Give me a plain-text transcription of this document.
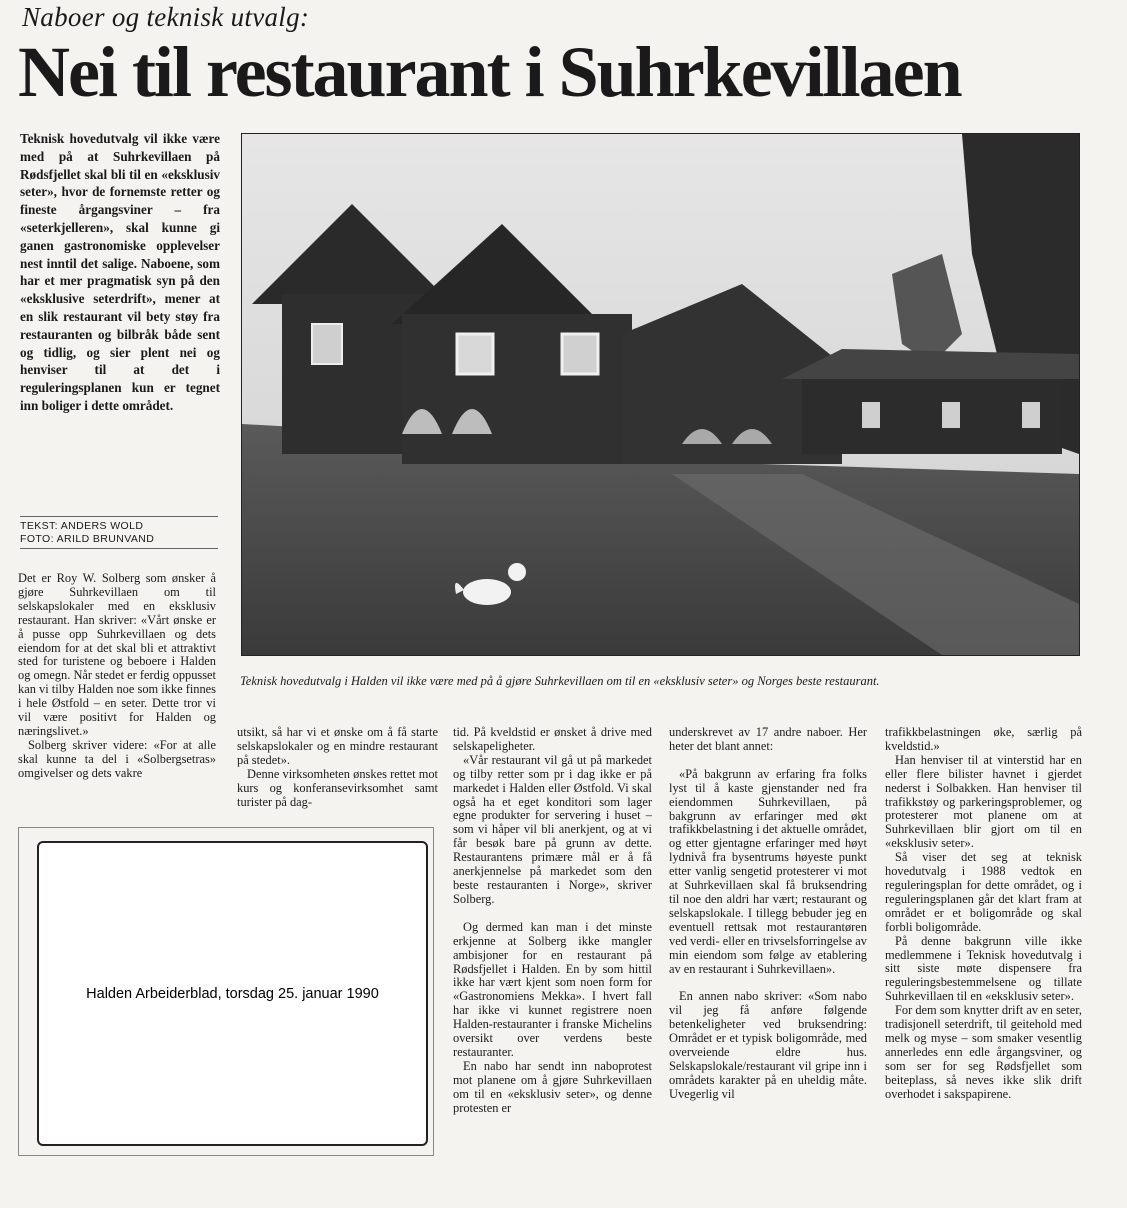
Naboer og teknisk utvalg:
Nei til restaurant i Suhrkevillaen
Teknisk hovedutvalg vil ikke være med på at Suhrkevillaen på Rødsfjellet skal bli til en «eksklusiv seter», hvor de fornemste retter og fineste årgangsviner – fra «seterkjelleren», skal kunne gi ganen gastronomiske opplevelser nest inntil det salige. Naboene, som har et mer pragmatisk syn på den «eksklusive seterdrift», mener at en slik restaurant vil bety støy fra restauranten og bilbråk både sent og tidlig, og sier plent nei og henviser til at det i reguleringsplanen kun er tegnet inn boliger i dette området.
TEKST: ANDERS WOLD
FOTO: ARILD BRUNVAND
Teknisk hovedutvalg i Halden vil ikke være med på å gjøre Suhrkevillaen om til en «eksklusiv seter» og Norges beste restaurant.

Det er Roy W. Solberg som ønsker å gjøre Suhrkevillaen om til selskapslokaler med en eksklusiv restaurant. Han skriver: «Vårt ønske er å pusse opp Suhrkevillaen og dets eiendom for at det skal bli et attraktivt sted for turistene og beboere i Halden og omegn. Når stedet er ferdig oppusset kan vi tilby Halden noe som ikke finnes i hele Østfold – en seter. Dette tror vi vil være positivt for Halden og næringslivet.»

Solberg skriver videre: «For at alle skal kunne ta del i «Solbergsetras» omgivelser og dets vakre

Halden Arbeiderblad, torsdag 25. januar 1990

utsikt, så har vi et ønske om å få starte selskapslokaler og en mindre restaurant på stedet».

Denne virksomheten ønskes rettet mot kurs og konferansevirksomhet samt turister på dag-

tid. På kveldstid er ønsket å drive med selskapeligheter.

«Vår restaurant vil gå ut på markedet og tilby retter som pr i dag ikke er på markedet i Halden eller Østfold. Vi skal også ha et eget konditori som lager egne produkter for servering i huset – som vi håper vil bli anerkjent, og at vi får besøk bare på grunn av dette. Restaurantens primære mål er å få anerkjennelse på markedet som den beste restauranten i Norge», skriver Solberg.

Og dermed kan man i det minste erkjenne at Solberg ikke mangler ambisjoner for en restaurant på Rødsfjellet i Halden. En by som hittil ikke har vært kjent som noen form for «Gastronomiens Mekka». I hvert fall har ikke vi kunnet registrere noen Halden-restauranter i franske Michelins oversikt over verdens beste restauranter.

En nabo har sendt inn naboprotest mot planene om å gjøre Suhrkevillaen om til en «eksklusiv seter», og denne protesten er

underskrevet av 17 andre naboer. Her heter det blant annet:

«På bakgrunn av erfaring fra folks lyst til å kaste gjenstander ned fra eiendommen Suhrkevillaen, på bakgrunn av erfaringer med økt trafikkbelastning i det aktuelle området, og etter gjentagne erfaringer med høyt lydnivå fra bysentrums høyeste punkt etter vanlig sengetid protesterer vi mot at Suhrkevillaen skal få bruksendring til noe den aldri har vært; restaurant og selskapslokale. I tillegg bebuder jeg en eventuell rettsak mot restaurantøren ved verdi- eller en trivselsforringelse av min eiendom som følge av etablering av en restaurant i Suhrkevillaen».

En annen nabo skriver: «Som nabo vil jeg få anføre følgende betenkeligheter ved bruksendring: Området er et typisk boligområde, med overveiende eldre hus. Selskapslokale/restaurant vil gripe inn i områdets karakter på en uheldig måte. Uvegerlig vil

trafikkbelastningen øke, særlig på kveldstid.»

Han henviser til at vinterstid har en eller flere bilister havnet i gjerdet nederst i Solbakken. Han henviser til trafikkstøy og parkeringsproblemer, og protesterer mot planene om at Suhrkevillaen blir gjort om til en «eksklusiv seter».

Så viser det seg at teknisk hovedutvalg i 1988 vedtok en reguleringsplan for dette området, og i reguleringsplanen går det klart fram at området er et boligområde og skal forbli boligområde.

På denne bakgrunn ville ikke medlemmene i Teknisk hovedutvalg i sitt siste møte dispensere fra reguleringsbestemmelsene og tillate Suhrkevillaen til en «eksklusiv seter».

For dem som knytter drift av en seter, tradisjonell seterdrift, til geitehold med melk og myse – som smaker vesentlig annerledes enn edle årgangsviner, og som ser for seg Rødsfjellet som beiteplass, så neves ikke slik drift overhodet i sakspapirene.
